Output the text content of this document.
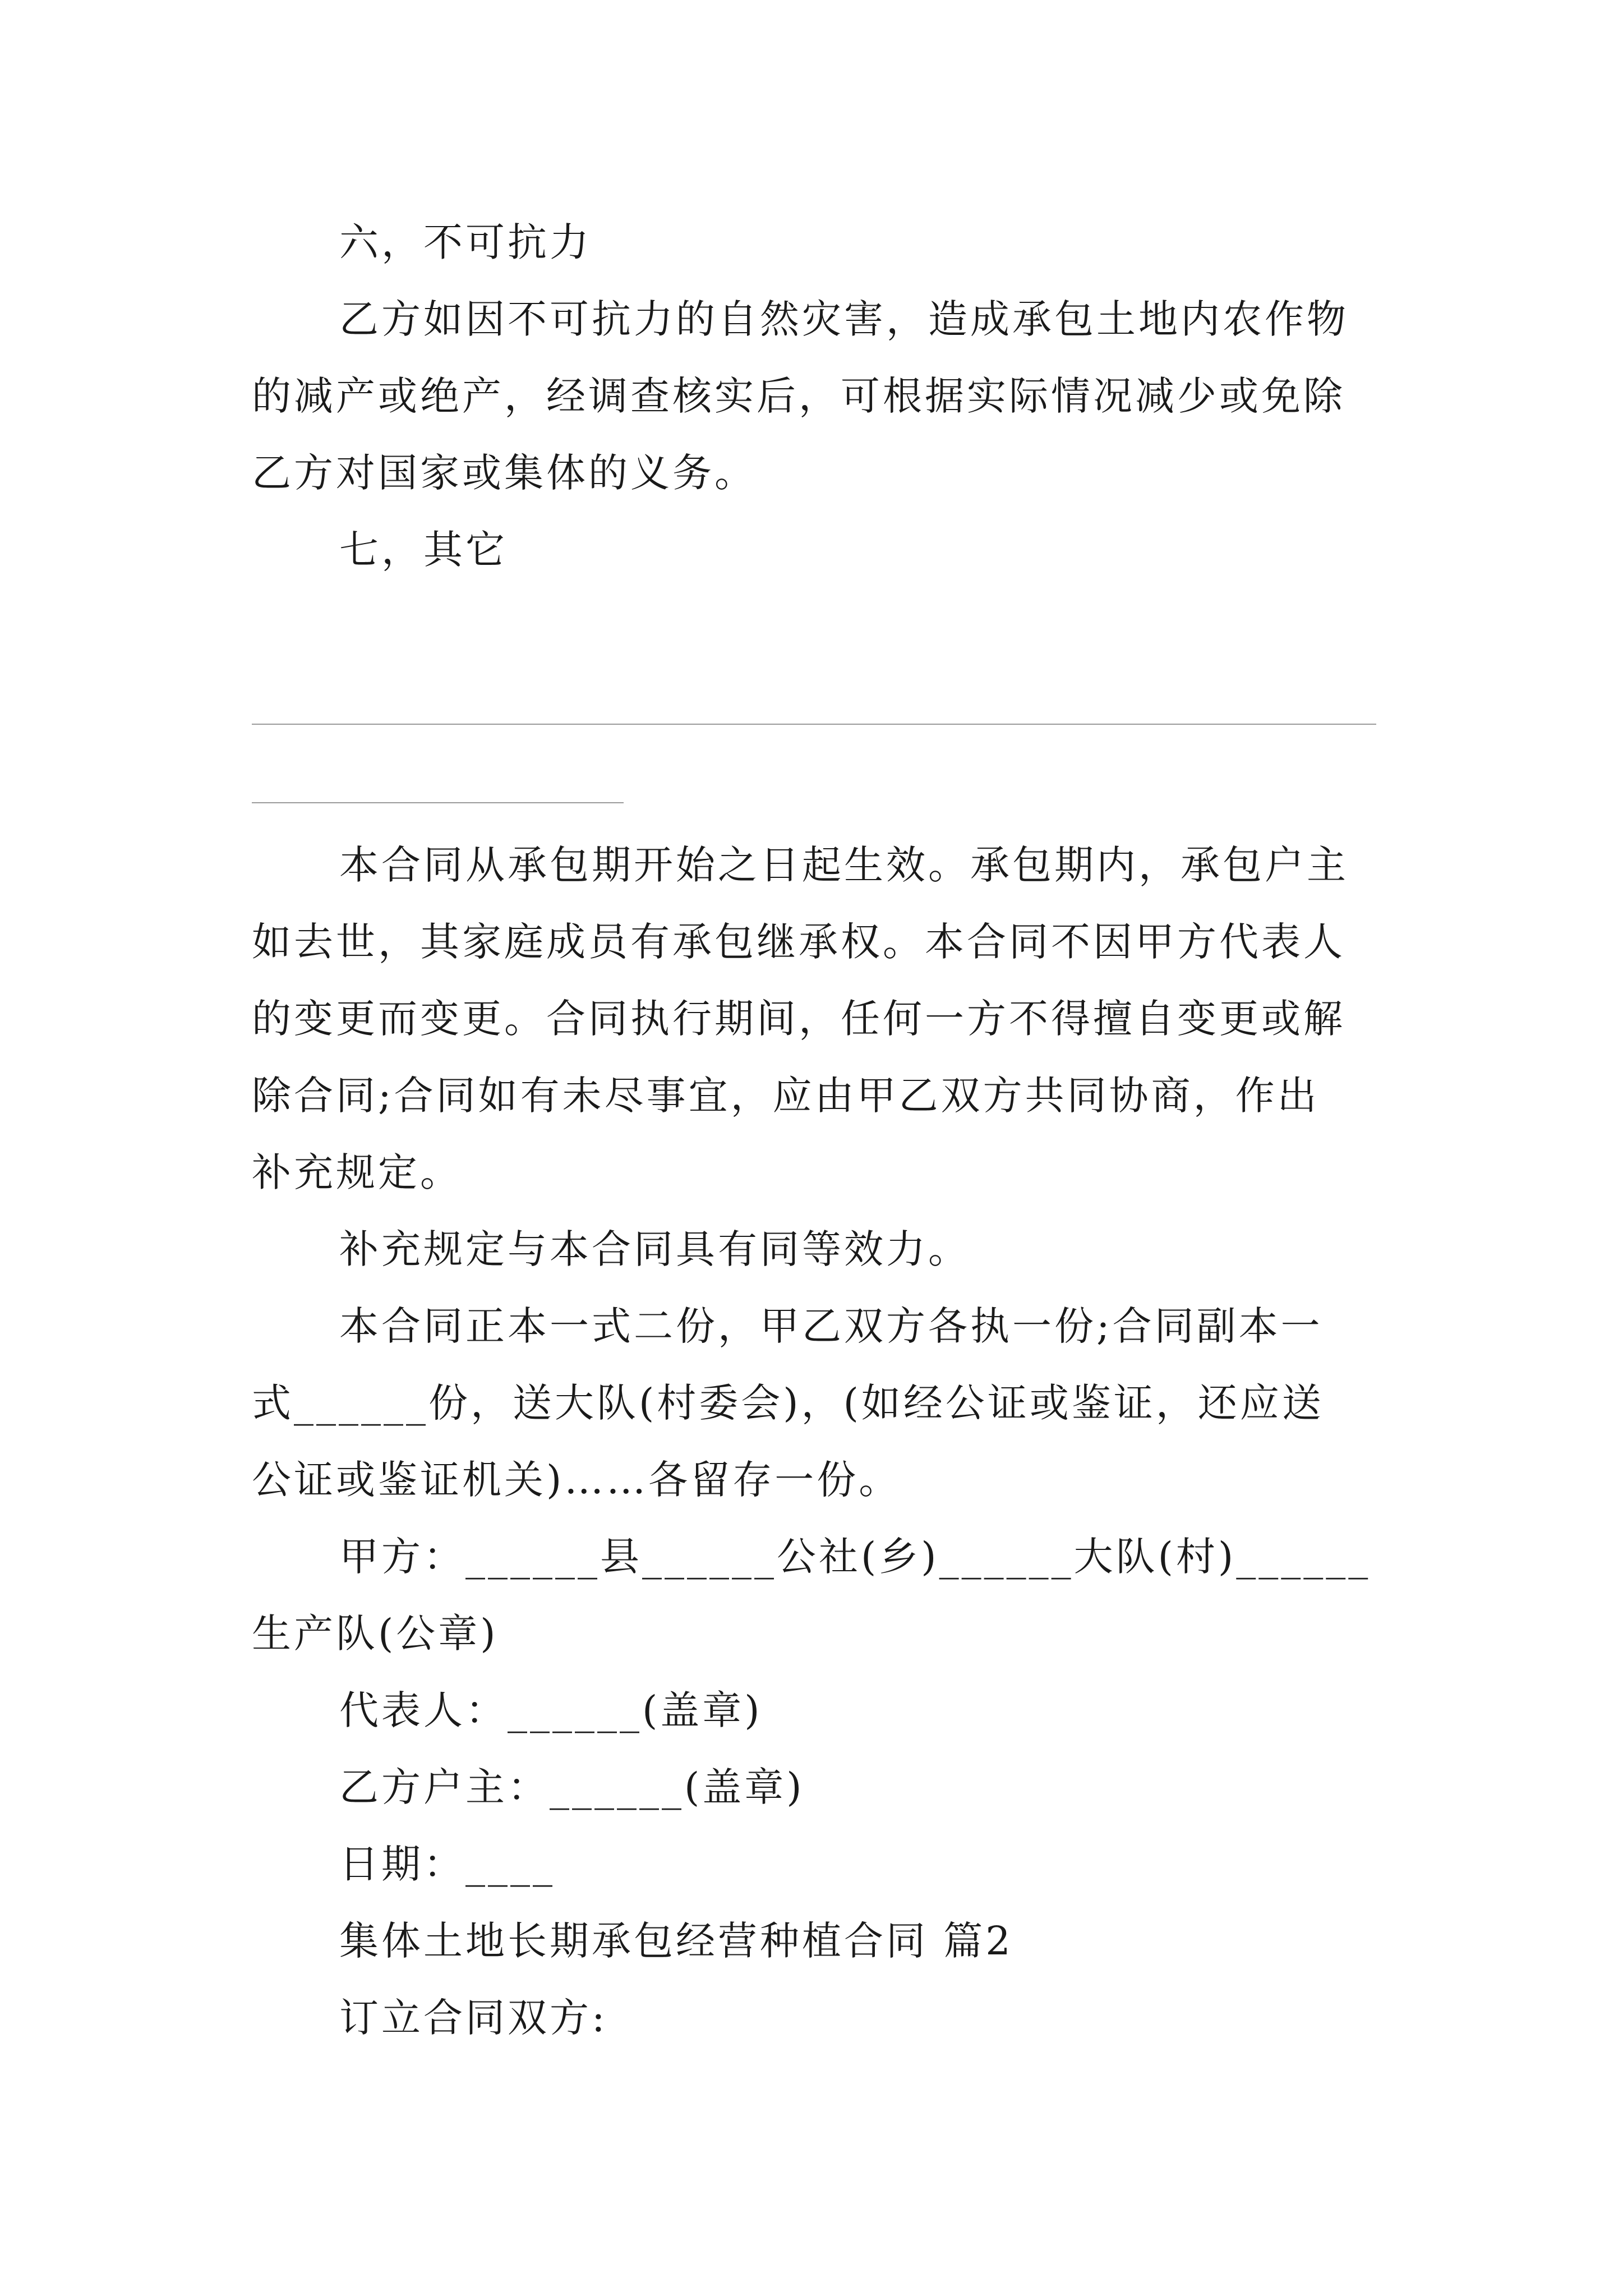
六，不可抗力

乙方如因不可抗力的自然灾害，造成承包土地内农作物

的减产或绝产，经调查核实后，可根据实际情况减少或免除

乙方对国家或集体的义务。

七，其它

本合同从承包期开始之日起生效。承包期内，承包户主

如去世，其家庭成员有承包继承权。本合同不因甲方代表人

的变更而变更。合同执行期间，任何一方不得擅自变更或解

除合同;合同如有未尽事宜，应由甲乙双方共同协商，作出

补充规定。

补充规定与本合同具有同等效力。

本合同正本一式二份，甲乙双方各执一份;合同副本一

式______份，送大队(村委会)，(如经公证或鉴证，还应送

公证或鉴证机关)……各留存一份。

甲方：______县______公社(乡)______大队(村)______

生产队(公章)

代表人：______(盖章)

乙方户主：______(盖章)

日期：____

集体土地长期承包经营种植合同 篇2

订立合同双方:
